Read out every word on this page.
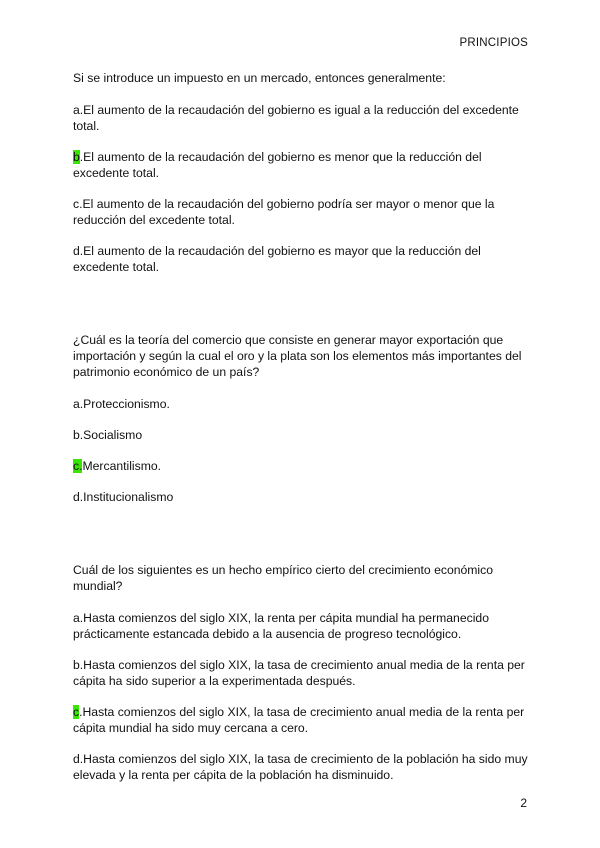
PRINCIPIOS

Si se introduce un impuesto en un mercado, entonces generalmente:

a.El aumento de la recaudación del gobierno es igual a la reducción del excedente total.

b.El aumento de la recaudación del gobierno es menor que la reducción del excedente total.

c.El aumento de la recaudación del gobierno podría ser mayor o menor que la reducción del excedente total.

d.El aumento de la recaudación del gobierno es mayor que la reducción del excedente total.

¿Cuál es la teoría del comercio que consiste en generar mayor exportación que importación y según la cual el oro y la plata son los elementos más importantes del patrimonio económico de un país?

a.Proteccionismo.

b.Socialismo

c.Mercantilismo.

d.Institucionalismo

Cuál de los siguientes es un hecho empírico cierto del crecimiento económico mundial?

a.Hasta comienzos del siglo XIX, la renta per cápita mundial ha permanecido prácticamente estancada debido a la ausencia de progreso tecnológico.

b.Hasta comienzos del siglo XIX, la tasa de crecimiento anual media de la renta per cápita ha sido superior a la experimentada después.

c.Hasta comienzos del siglo XIX, la tasa de crecimiento anual media de la renta per cápita mundial ha sido muy cercana a cero.

d.Hasta comienzos del siglo XIX, la tasa de crecimiento de la población ha sido muy elevada y la renta per cápita de la población ha disminuido.

2
